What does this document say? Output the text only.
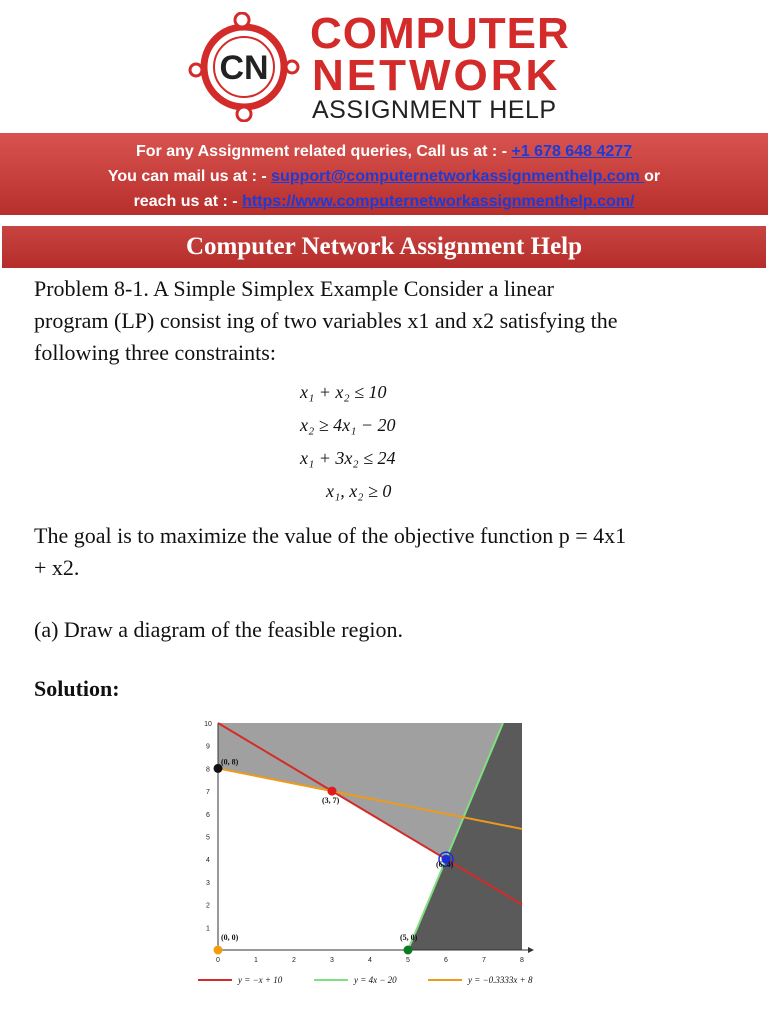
CN
COMPUTER
NETWORK
ASSIGNMENT HELP
For any Assignment related queries, Call us at : - +1 678 648 4277
You can mail us at : - support@computernetworkassignmenthelp.com or
reach us at : - https://www.computernetworkassignmenthelp.com/
Computer Network Assignment Help
Problem 8-1. A Simple Simplex Example Consider a linear
program (LP) consist ing of two variables x1 and x2 satisfying the
following three constraints:
x₁ + x₂ ≤ 10
x₂ ≥ 4x₁ − 20
x₁ + 3x₂ ≤ 24
x₁, x₂ ≥ 0
The goal is to maximize the value of the objective function p = 4x1
+ x2.
(a) Draw a diagram of the feasible region.
Solution:
0	1	2	3	4	5	6	7	8
1
2
3
4
5
6
7
8
9
10
(0, 8)
(3, 7)
(6, 4)
(0, 0)	(5, 0)
y = −x + 10	y = 4x − 20	y = −0.3333x + 8
